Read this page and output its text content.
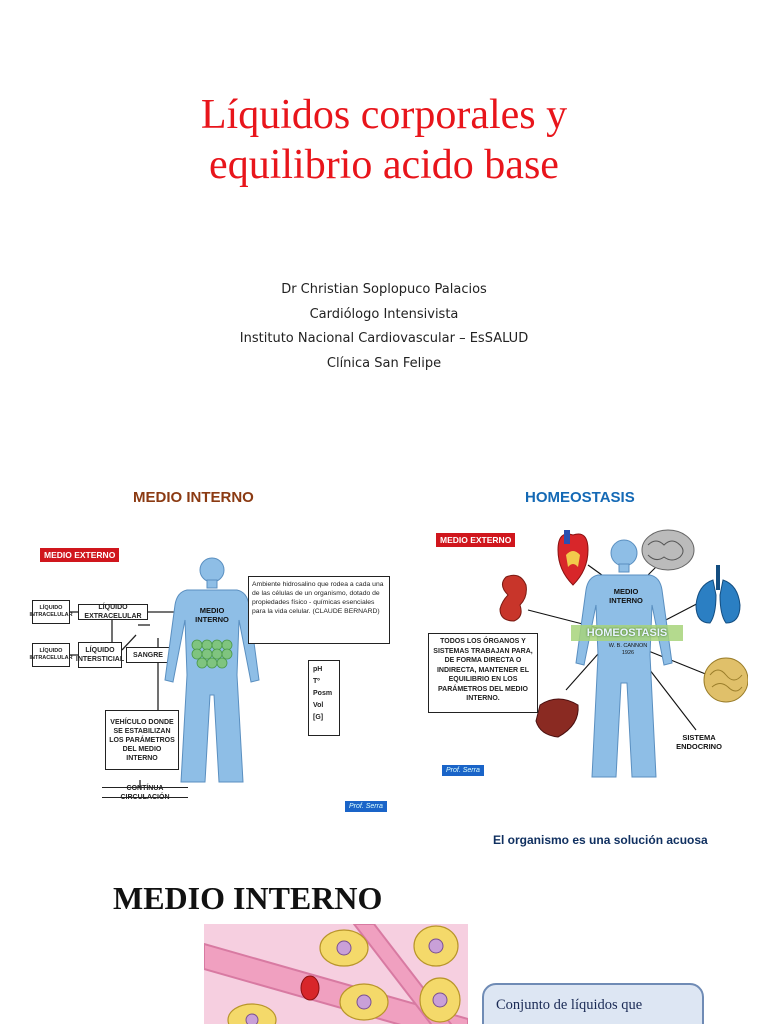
Líquidos corporales y
equilibrio acido base
Dr Christian Soplopuco Palacios
Cardiólogo Intensivista
Instituto Nacional Cardiovascular – EsSALUD
Clínica San Felipe
MEDIO INTERNO	HOMEOSTASIS
MEDIO EXTERNO
LÍQUIDO INTRACELULAR
LÍQUIDO EXTRACELULAR
LÍQUIDO INTRACELULAR
LÍQUIDO INTERSTICIAL
SANGRE
MEDIO INTERNO
Ambiente hidrosalino que rodea a cada una de las células de un organismo, dotado de propiedades físico - químicas esenciales para la vida celular. (CLAUDE BERNARD)
pH
Tº
Posm
Vol
[G]
VEHÍCULO DONDE SE ESTABILIZAN LOS PARÁMETROS DEL MEDIO INTERNO
CONTÍNUA CIRCULACIÓN
Prof. Serra
MEDIO EXTERNO
MEDIO INTERNO
HOMEOSTASIS
W. B. CANNON 1926
TODOS LOS ÓRGANOS Y SISTEMAS TRABAJAN PARA, DE FORMA DIRECTA O INDIRECTA, MANTENER EL EQUILIBRIO EN LOS PARÁMETROS DEL MEDIO INTERNO.
SISTEMA ENDOCRINO
Prof. Serra
El organismo es una solución acuosa
MEDIO INTERNO
Conjunto de líquidos que
